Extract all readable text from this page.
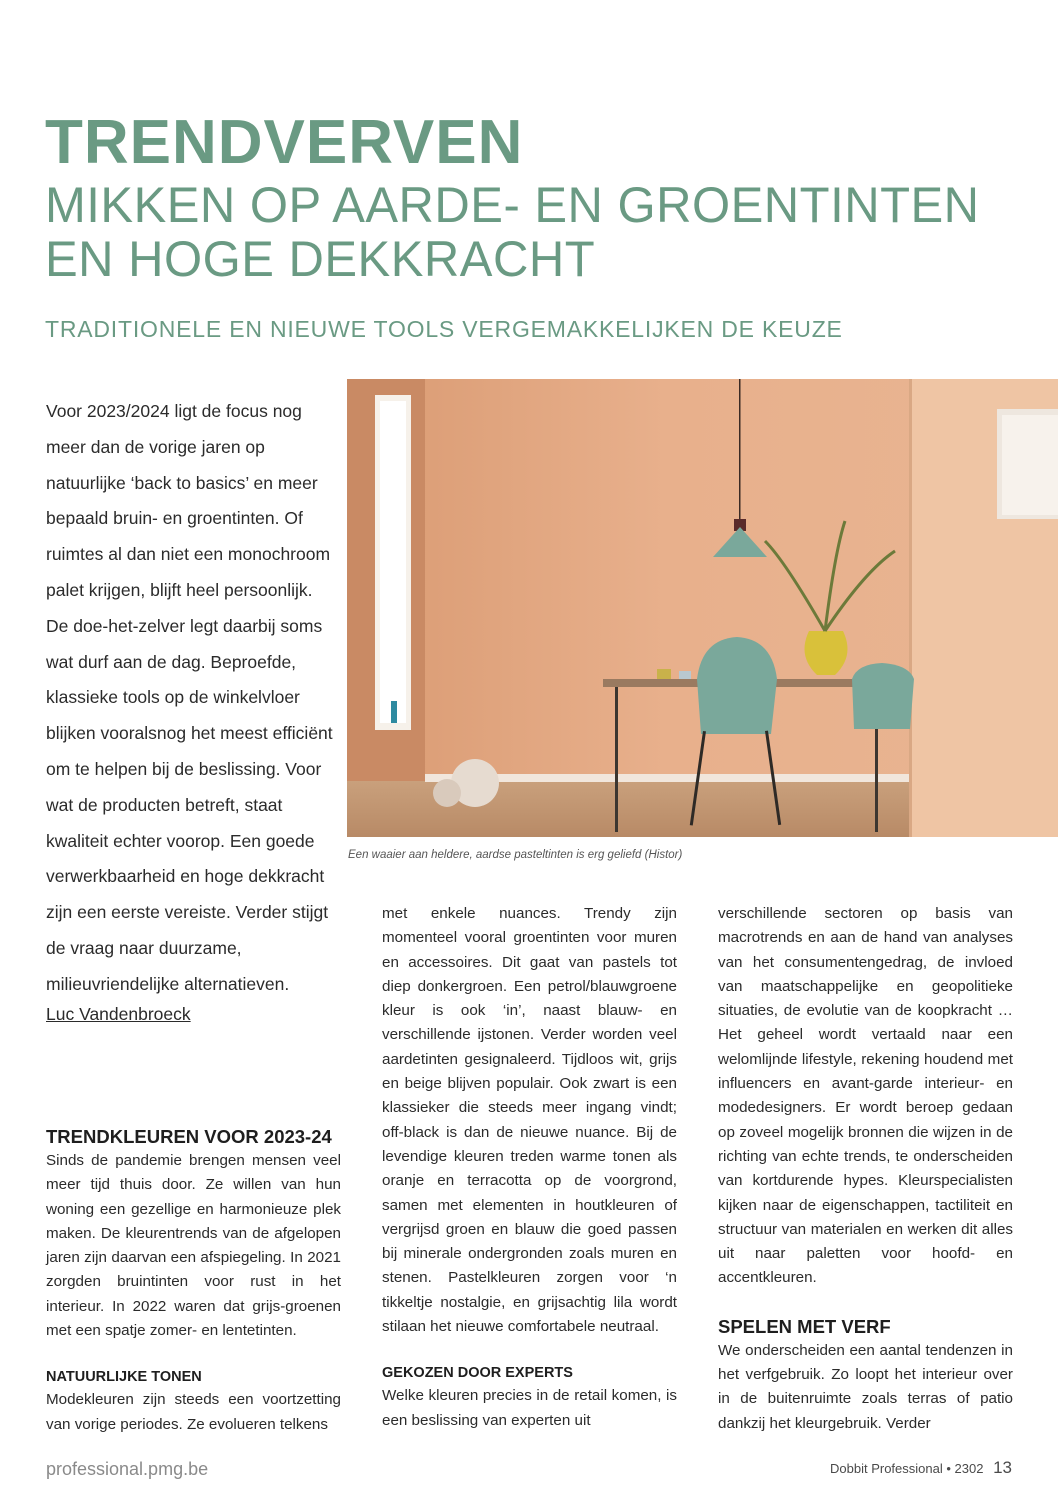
TRENDVERVEN
MIKKEN OP AARDE- EN GROENTINTEN
EN HOGE DEKKRACHT
TRADITIONELE EN NIEUWE TOOLS VERGEMAKKELIJKEN DE KEUZE
Voor 2023/2024 ligt de focus nog
meer dan de vorige jaren op
natuurlijke ‘back to basics’ en meer
bepaald bruin- en groentinten. Of
ruimtes al dan niet een monochroom
palet krijgen, blijft heel persoonlijk.
De doe-het-zelver legt daarbij soms
wat durf aan de dag. Beproefde,
klassieke tools op de winkelvloer
blijken vooralsnog het meest efficiënt
om te helpen bij de beslissing. Voor
wat de producten betreft, staat
kwaliteit echter voorop. Een goede
verwerkbaarheid en hoge dekkracht
zijn een eerste vereiste. Verder stijgt
de vraag naar duurzame,
milieuvriendelijke alternatieven.
Luc Vandenbroeck
Een waaier aan heldere, aardse pasteltinten is erg geliefd (Histor)
TRENDKLEUREN VOOR 2023-24

Sinds de pandemie brengen mensen veel meer tijd thuis door. Ze willen van hun woning een gezellige en harmonieuze plek maken. De kleurentrends van de afgelopen jaren zijn daarvan een afspiegeling. In 2021 zorgden bruintinten voor rust in het interieur. In 2022 waren dat grijs-groenen met een spatje zomer- en lentetinten.

NATUURLIJKE TONEN

Modekleuren zijn steeds een voortzetting van vorige periodes. Ze evolueren telkens

met enkele nuances. Trendy zijn momenteel vooral groentinten voor muren en accessoires. Dit gaat van pastels tot diep donkergroen. Een petrol/blauwgroene kleur is ook ‘in’, naast blauw- en verschillende ijstonen. Verder worden veel aardetinten gesignaleerd. Tijdloos wit, grijs en beige blijven populair. Ook zwart is een klassieker die steeds meer ingang vindt; off-black is dan de nieuwe nuance. Bij de levendige kleuren treden warme tonen als oranje en terracotta op de voorgrond, samen met elementen in houtkleuren of vergrijsd groen en blauw die goed passen bij minerale ondergronden zoals muren en stenen. Pastelkleuren zorgen voor ‘n tikkeltje nostalgie, en grijsachtig lila wordt stilaan het nieuwe comfortabele neutraal.

GEKOZEN DOOR EXPERTS

Welke kleuren precies in de retail komen, is een beslissing van experten uit

verschillende sectoren op basis van macrotrends en aan de hand van analyses van het consumentengedrag, de invloed van maatschappelijke en geopolitieke situaties, de evolutie van de koopkracht … Het geheel wordt vertaald naar een welomlijnde lifestyle, rekening houdend met influencers en avant-garde interieur- en modedesigners. Er wordt beroep gedaan op zoveel mogelijk bronnen die wijzen in de richting van echte trends, te onderscheiden van kortdurende hypes. Kleurspecialisten kijken naar de eigenschappen, tactiliteit en structuur van materialen en werken dit alles uit naar paletten voor hoofd- en accentkleuren.

SPELEN MET VERF

We onderscheiden een aantal tendenzen in het verfgebruik. Zo loopt het interieur over in de buitenruimte zoals terras of patio dankzij het kleurgebruik. Verder

professional.pmg.be	Dobbit Professional • 2302 13
